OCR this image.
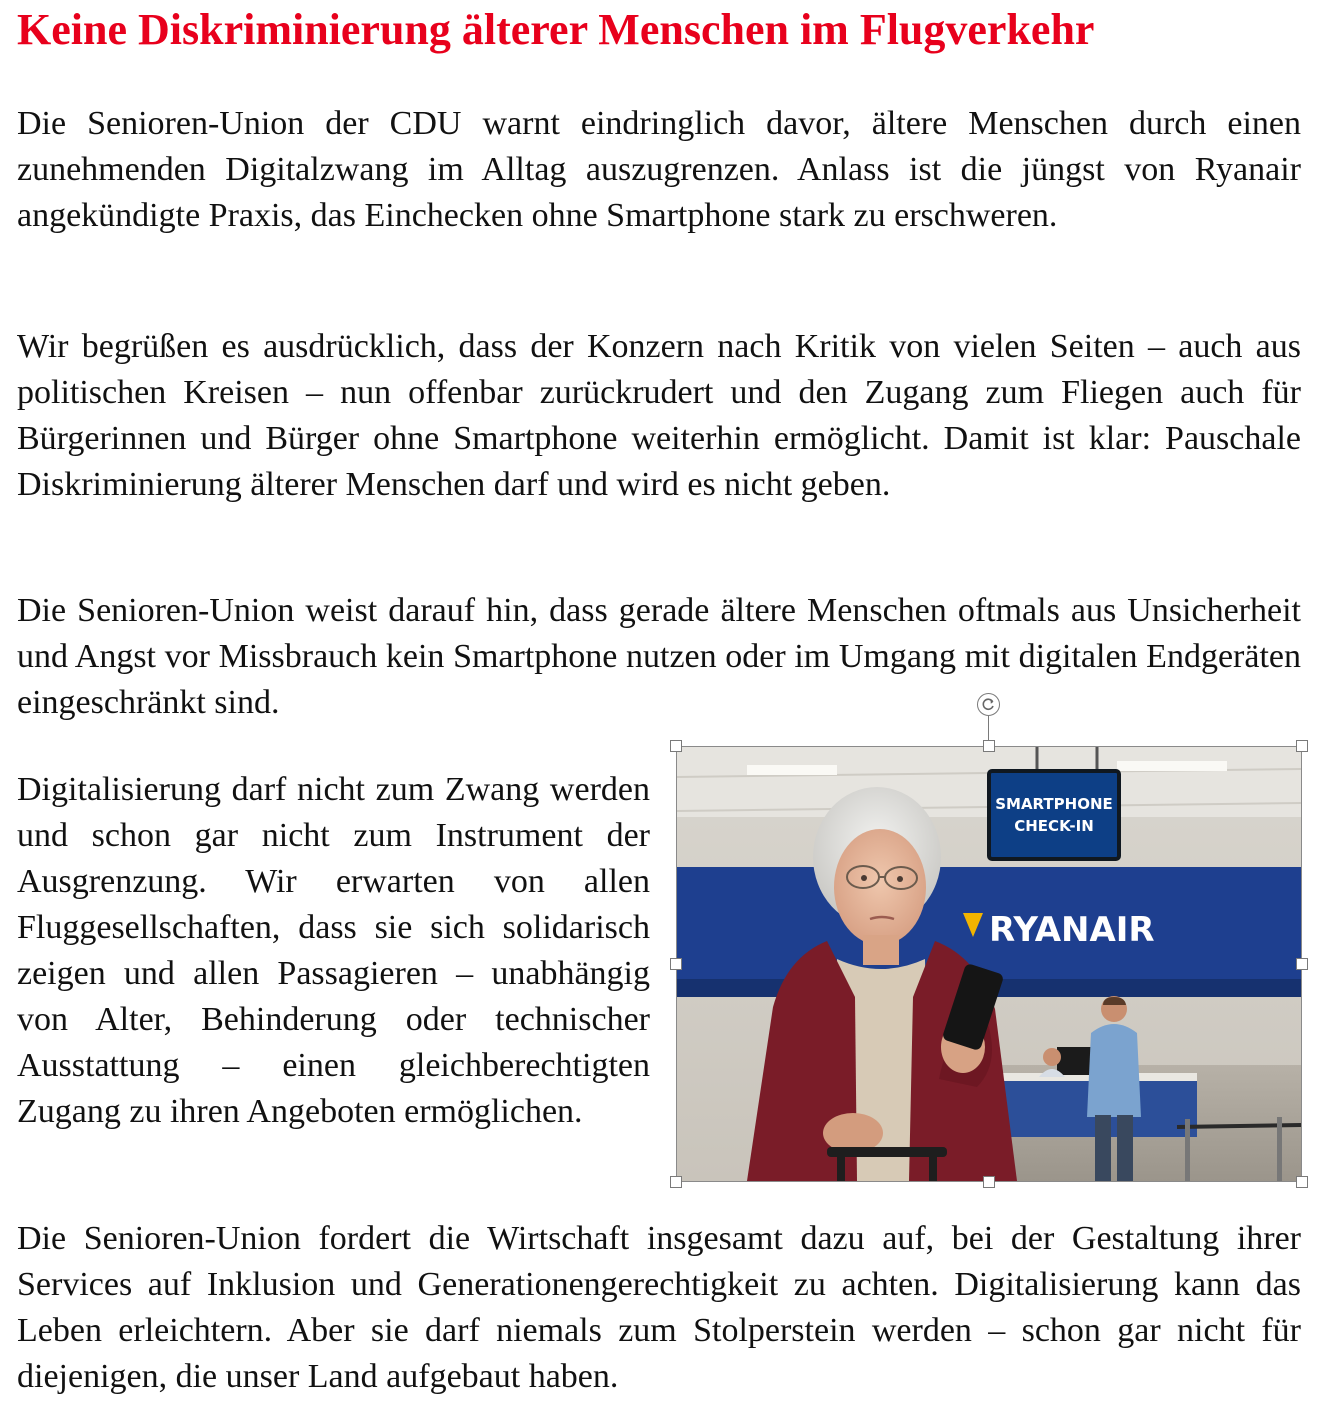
Keine Diskriminierung älterer Menschen im Flugverkehr

Die Senioren-Union der CDU warnt eindringlich davor, ältere Menschen durch einen zunehmenden Digitalzwang im Alltag auszugrenzen. Anlass ist die jüngst von Ryanair angekündigte Praxis, das Einchecken ohne Smartphone stark zu erschweren.

Wir begrüßen es ausdrücklich, dass der Konzern nach Kritik von vielen Seiten – auch aus politischen Kreisen – nun offenbar zurückrudert und den Zugang zum Fliegen auch für Bürgerinnen und Bürger ohne Smartphone weiterhin ermöglicht. Damit ist klar: Pauschale Diskriminierung älterer Menschen darf und wird es nicht geben.

Die Senioren-Union weist darauf hin, dass gerade ältere Menschen oftmals aus Unsicherheit und Angst vor Missbrauch kein Smartphone nutzen oder im Umgang mit digitalen Endgeräten eingeschränkt sind.

Digitalisierung darf nicht zum Zwang werden und schon gar nicht zum Instrument der Ausgrenzung. Wir erwarten von allen Fluggesellschaften, dass sie sich solidarisch zeigen und allen Passagieren – unabhängig von Alter, Behinderung oder technischer Ausstattung – einen gleichberechtigten Zugang zu ihren Angeboten ermöglichen.

Die Senioren-Union fordert die Wirtschaft insgesamt dazu auf, bei der Gestaltung ihrer Services auf Inklusion und Generationengerechtigkeit zu achten. Digitalisierung kann das Leben erleichtern. Aber sie darf niemals zum Stolperstein werden – schon gar nicht für diejenigen, die unser Land aufgebaut haben.

SMARTPHONE
CHECK-IN
RYANAIR
